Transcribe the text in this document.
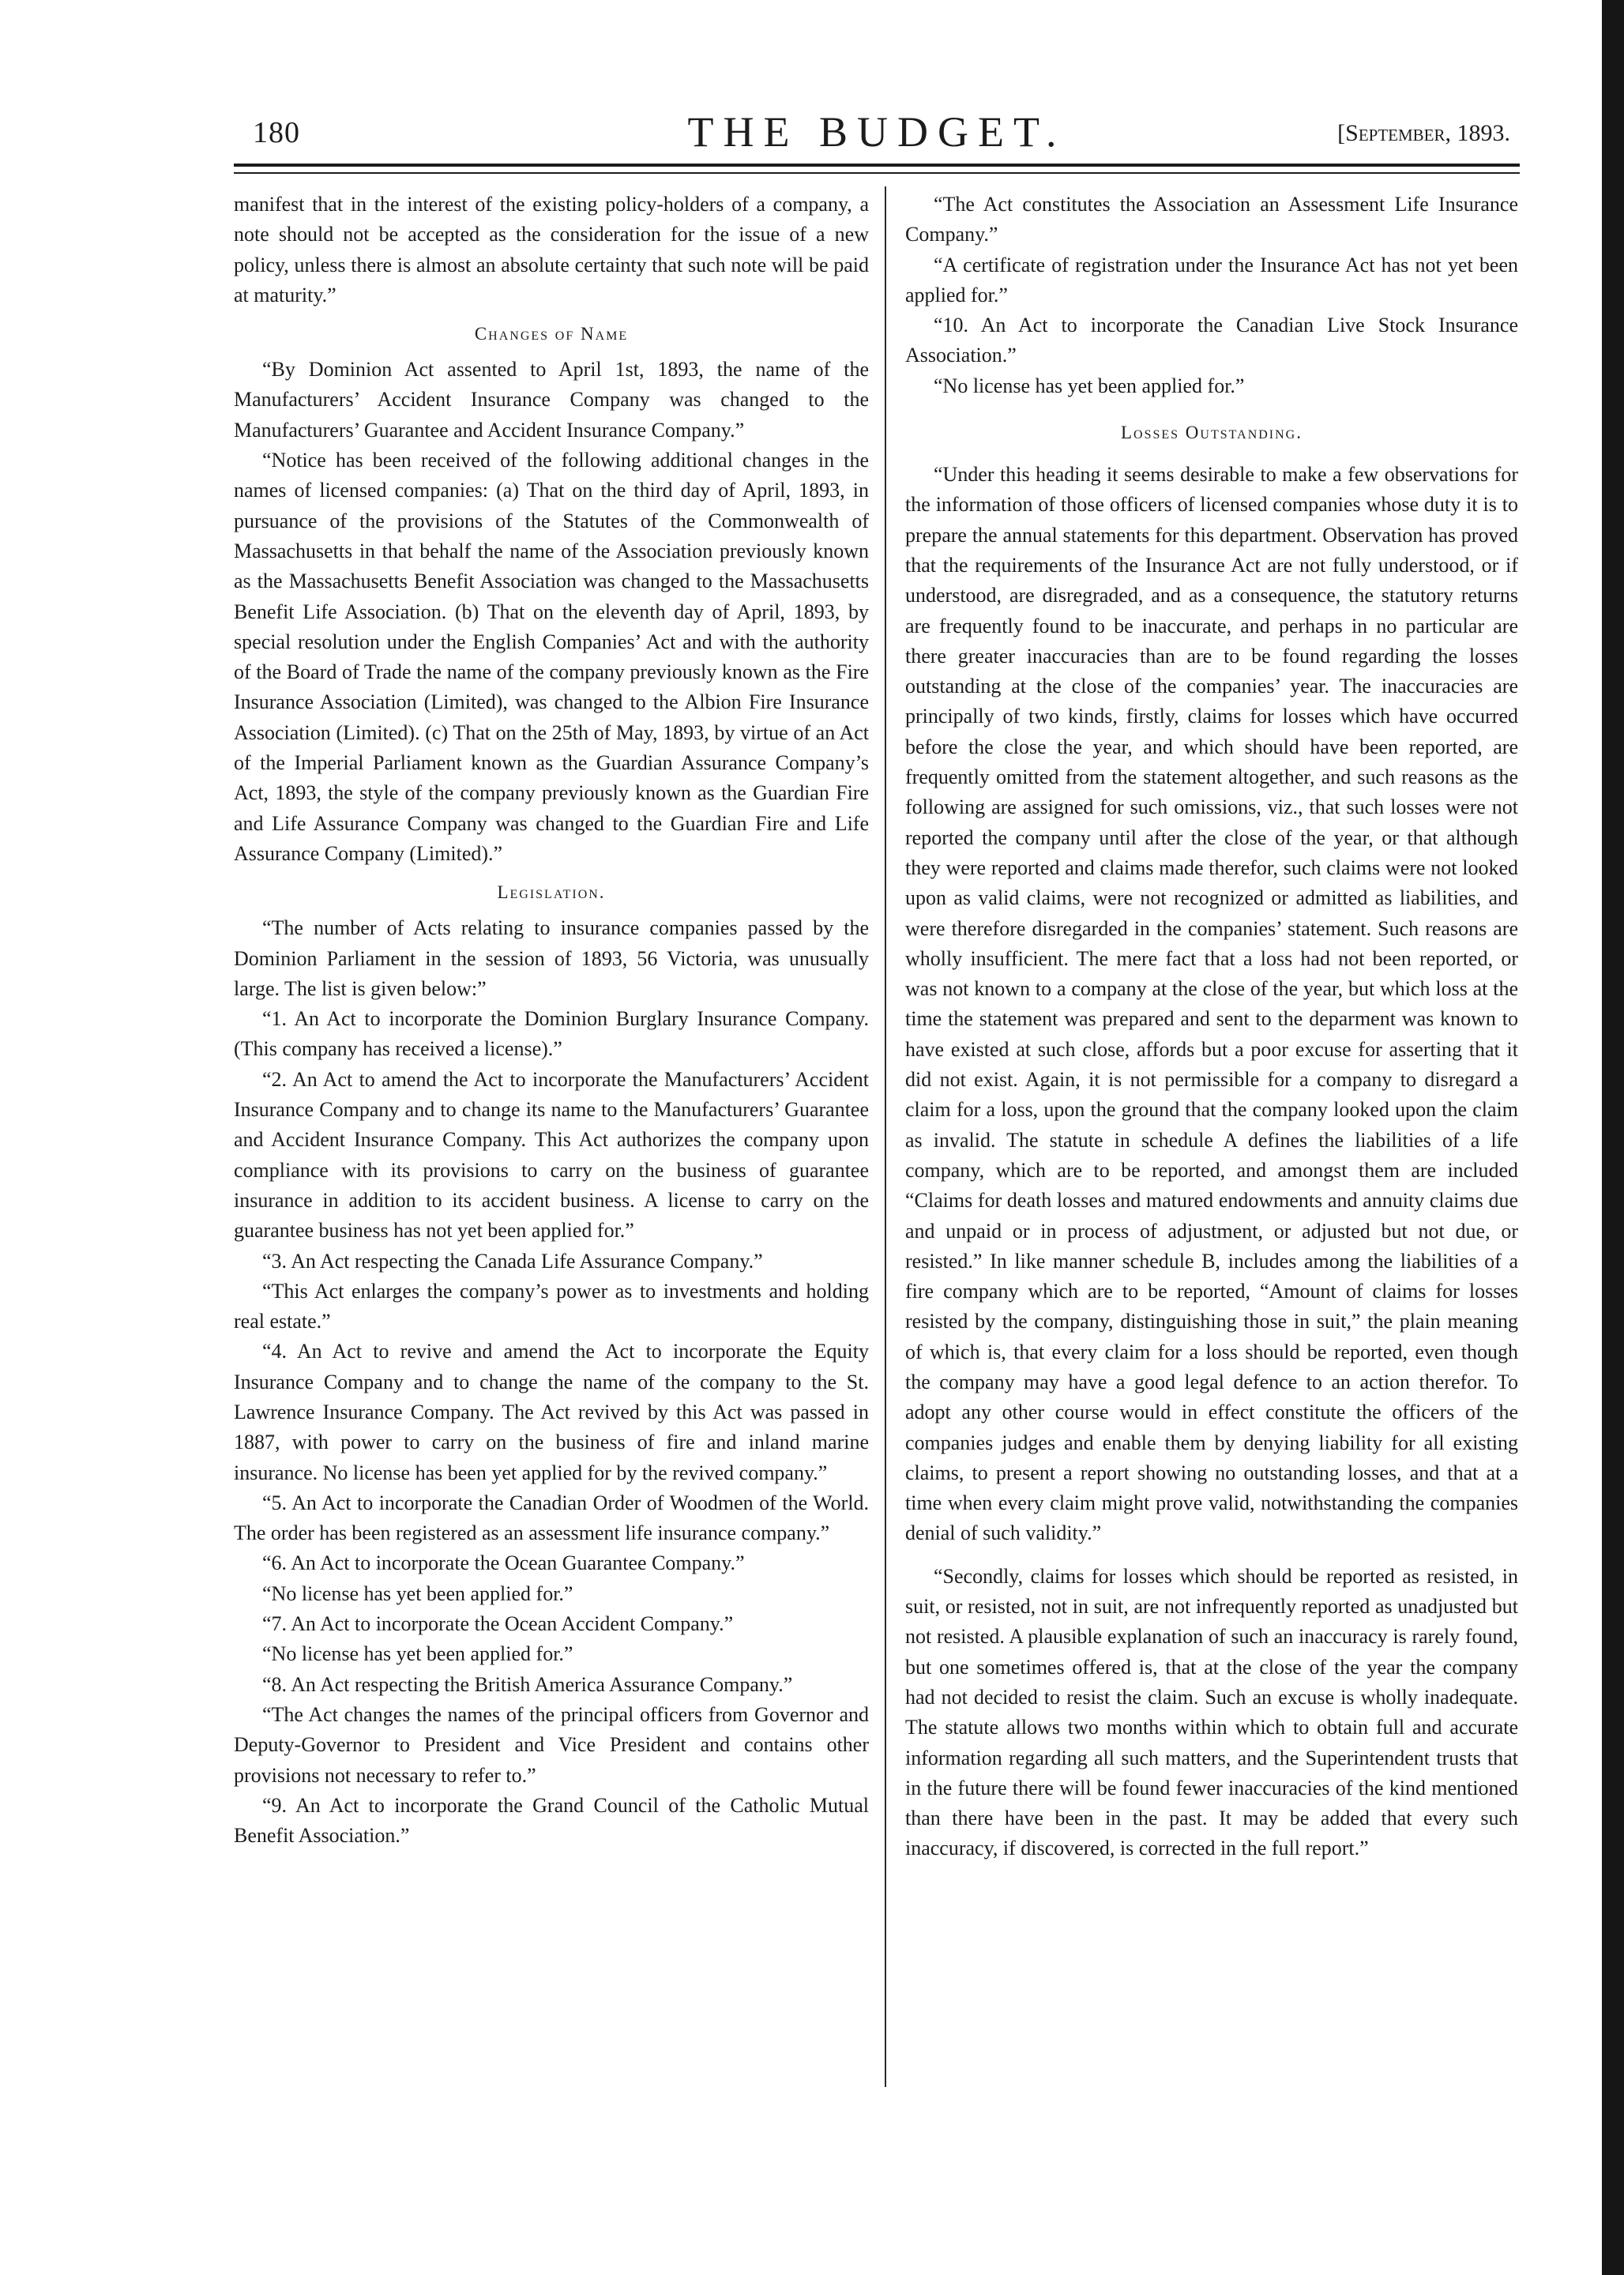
180	THE BUDGET.	[September, 1893.

manifest that in the interest of the existing policy-holders of a company, a note should not be accepted as the consideration for the issue of a new policy, unless there is almost an absolute certainty that such note will be paid at maturity.”

Changes of Name

“By Dominion Act assented to April 1st, 1893, the name of the Manufacturers’ Accident Insurance Company was changed to the Manufacturers’ Guarantee and Accident Insurance Company.”

“Notice has been received of the following additional changes in the names of licensed companies: (a) That on the third day of April, 1893, in pursuance of the provisions of the Statutes of the Commonwealth of Massachusetts in that behalf the name of the Association previously known as the Massachusetts Benefit Association was changed to the Massachusetts Benefit Life Association. (b) That on the eleventh day of April, 1893, by special resolution under the English Companies’ Act and with the authority of the Board of Trade the name of the company previously known as the Fire Insurance Association (Limited), was changed to the Albion Fire Insurance Association (Limited). (c) That on the 25th of May, 1893, by virtue of an Act of the Imperial Parliament known as the Guardian Assurance Company’s Act, 1893, the style of the company previously known as the Guardian Fire and Life Assurance Company was changed to the Guardian Fire and Life Assurance Company (Limited).”

Legislation.

“The number of Acts relating to insurance companies passed by the Dominion Parliament in the session of 1893, 56 Victoria, was unusually large. The list is given below:”

“1. An Act to incorporate the Dominion Burglary Insurance Company. (This company has received a license).”

“2. An Act to amend the Act to incorporate the Manufacturers’ Accident Insurance Company and to change its name to the Manufacturers’ Guarantee and Accident Insurance Company. This Act authorizes the company upon compliance with its provisions to carry on the business of guarantee insurance in addition to its accident business. A license to carry on the guarantee business has not yet been applied for.”

“3. An Act respecting the Canada Life Assurance Company.”

“This Act enlarges the company’s power as to investments and holding real estate.”

“4. An Act to revive and amend the Act to incorporate the Equity Insurance Company and to change the name of the company to the St. Lawrence Insurance Company. The Act revived by this Act was passed in 1887, with power to carry on the business of fire and inland marine insurance. No license has been yet applied for by the revived company.”

“5. An Act to incorporate the Canadian Order of Woodmen of the World. The order has been registered as an assessment life insurance company.”

“6. An Act to incorporate the Ocean Guarantee Company.”

“No license has yet been applied for.”

“7. An Act to incorporate the Ocean Accident Company.”

“No license has yet been applied for.”

“8. An Act respecting the British America Assurance Company.”

“The Act changes the names of the principal officers from Governor and Deputy-Governor to President and Vice President and contains other provisions not necessary to refer to.”

“9. An Act to incorporate the Grand Council of the Catholic Mutual Benefit Association.”

“The Act constitutes the Association an Assessment Life Insurance Company.”

“A certificate of registration under the Insurance Act has not yet been applied for.”

“10. An Act to incorporate the Canadian Live Stock Insurance Association.”

“No license has yet been applied for.”

Losses Outstanding.

“Under this heading it seems desirable to make a few observations for the information of those officers of licensed companies whose duty it is to prepare the annual statements for this department. Observation has proved that the requirements of the Insurance Act are not fully understood, or if understood, are disregraded, and as a consequence, the statutory returns are frequently found to be inaccurate, and perhaps in no particular are there greater inaccuracies than are to be found regarding the losses outstanding at the close of the companies’ year. The inaccuracies are principally of two kinds, firstly, claims for losses which have occurred before the close the year, and which should have been reported, are frequently omitted from the statement altogether, and such reasons as the following are assigned for such omissions, viz., that such losses were not reported the company until after the close of the year, or that although they were reported and claims made therefor, such claims were not looked upon as valid claims, were not recognized or admitted as liabilities, and were therefore disregarded in the companies’ statement. Such reasons are wholly insufficient. The mere fact that a loss had not been reported, or was not known to a company at the close of the year, but which loss at the time the statement was prepared and sent to the deparment was known to have existed at such close, affords but a poor excuse for asserting that it did not exist. Again, it is not permissible for a company to disregard a claim for a loss, upon the ground that the company looked upon the claim as invalid. The statute in schedule A defines the liabilities of a life company, which are to be reported, and amongst them are included “Claims for death losses and matured endowments and annuity claims due and unpaid or in process of adjustment, or adjusted but not due, or resisted.” In like manner schedule B, includes among the liabilities of a fire company which are to be reported, “Amount of claims for losses resisted by the company, distinguishing those in suit,” the plain meaning of which is, that every claim for a loss should be reported, even though the company may have a good legal defence to an action therefor. To adopt any other course would in effect constitute the officers of the companies judges and enable them by denying liability for all existing claims, to present a report showing no outstanding losses, and that at a time when every claim might prove valid, notwithstanding the companies denial of such validity.”

“Secondly, claims for losses which should be reported as resisted, in suit, or resisted, not in suit, are not infrequently reported as unadjusted but not resisted. A plausible explanation of such an inaccuracy is rarely found, but one sometimes offered is, that at the close of the year the company had not decided to resist the claim. Such an excuse is wholly inadequate. The statute allows two months within which to obtain full and accurate information regarding all such matters, and the Superintendent trusts that in the future there will be found fewer inaccuracies of the kind mentioned than there have been in the past. It may be added that every such inaccuracy, if discovered, is corrected in the full report.”
